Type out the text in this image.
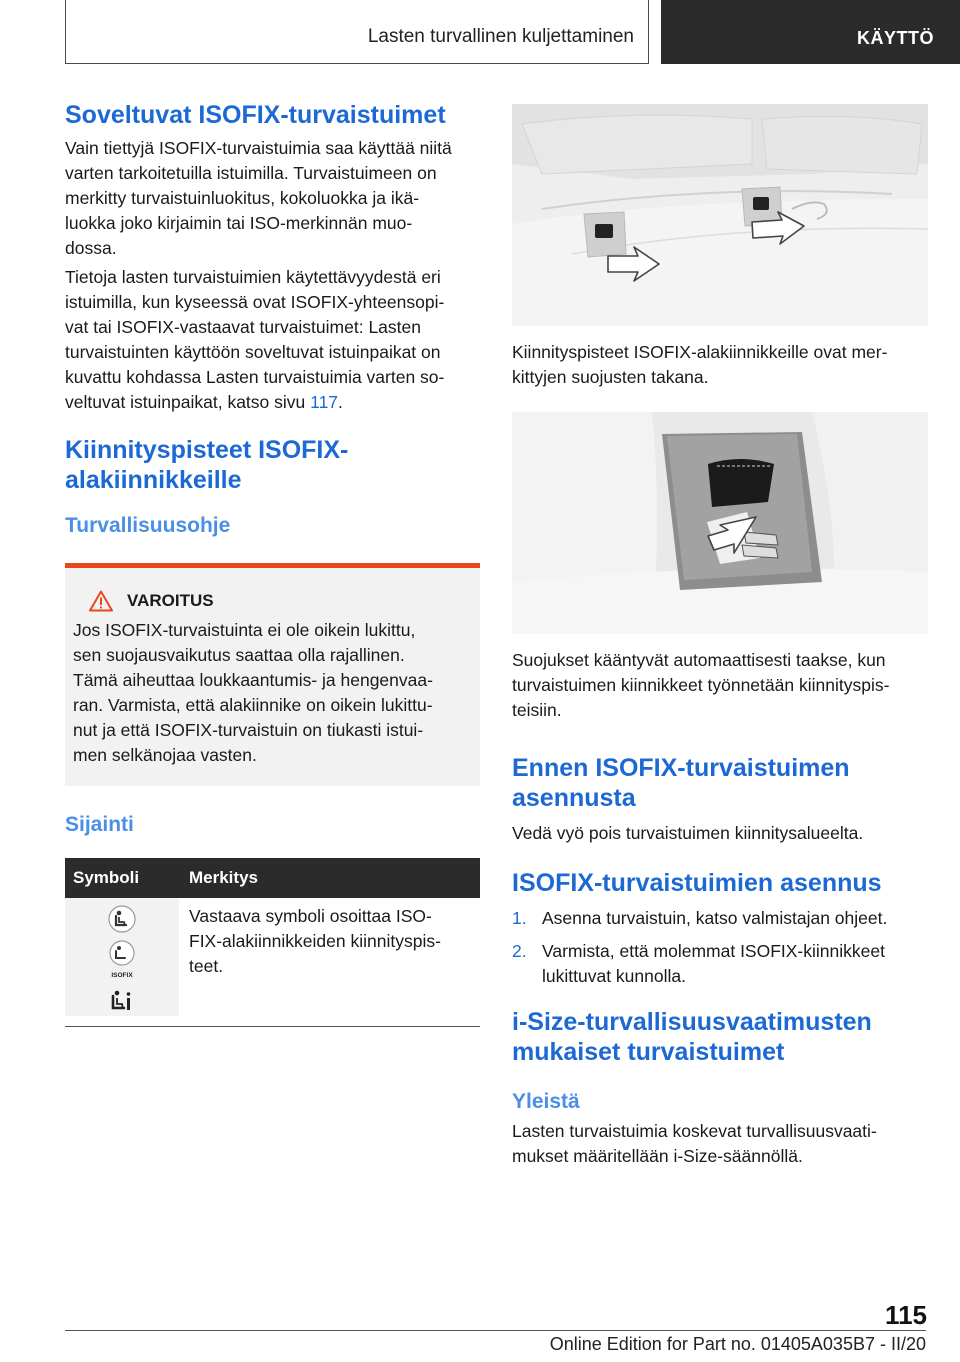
Lasten turvallinen kuljettaminen	KÄYTTÖ
Soveltuvat ISOFIX-turvaistuimet

Vain tiettyjä ISOFIX-turvaistuimia saa käyttää niitä
varten tarkoitetuilla istuimilla. Turvaistuimeen on
merkitty turvaistuinluokitus, kokoluokka ja ikä-
luokka joko kirjaimin tai ISO-merkinnän muo-
dossa.

Tietoja lasten turvaistuimien käytettävyydestä eri
istuimilla, kun kyseessä ovat ISOFIX-yhteensopi-
vat tai ISOFIX-vastaavat turvaistuimet: Lasten
turvaistuinten käyttöön soveltuvat istuinpaikat on
kuvattu kohdassa Lasten turvaistuimia varten so-
veltuvat istuinpaikat, katso sivu 117.

Kiinnityspisteet ISOFIX-
alakiinnikkeille
Turvallisuusohje
VAROITUS

Jos ISOFIX-turvaistuinta ei ole oikein lukittu,
sen suojausvaikutus saattaa olla rajallinen.
Tämä aiheuttaa loukkaantumis- ja hengenvaa-
ran. Varmista, että alakiinnike on oikein lukittu-
nut ja että ISOFIX-turvaistuin on tiukasti istui-
men selkänojaa vasten.

Sijainti
Symboli	Merkitys

ISOFIX	Vastaava symboli osoittaa ISO-
FIX-alakiinnikkeiden kiinnityspis-
teet.

Kiinnityspisteet ISOFIX-alakiinnikkeille ovat mer-
kittyjen suojusten takana.

Suojukset kääntyvät automaattisesti taakse, kun
turvaistuimen kiinnikkeet työnnetään kiinnityspis-
teisiin.

Ennen ISOFIX-turvaistuimen
asennusta

Vedä vyö pois turvaistuimen kiinnitysalueelta.

ISOFIX-turvaistuimien asennus
1. Asenna turvaistuin, katso valmistajan ohjeet.
2. Varmista, että molemmat ISOFIX-kiinnikkeet
lukittuvat kunnolla.
i-Size-turvallisuusvaatimusten
mukaiset turvaistuimet
Yleistä

Lasten turvaistuimia koskevat turvallisuusvaati-
mukset määritellään i-Size-säännöllä.

115
Online Edition for Part no. 01405A035B7 - II/20
